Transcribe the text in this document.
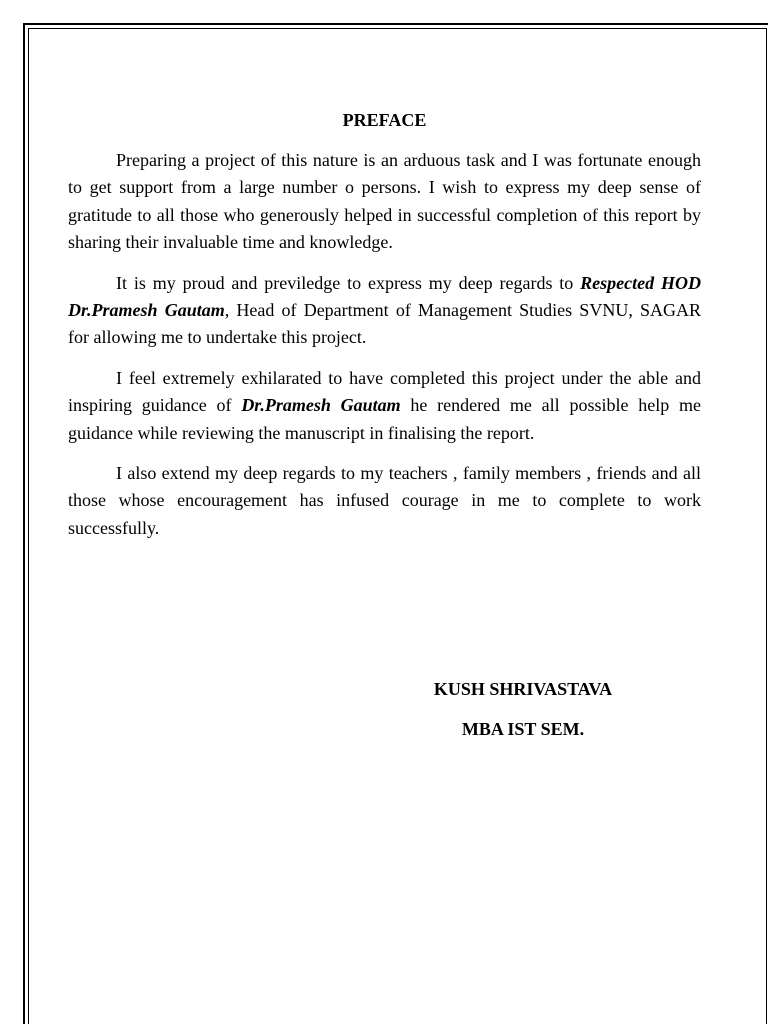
PREFACE

Preparing a project of this nature is an arduous task and I was fortunate enough to get support from a large number o persons. I wish to express my deep sense of gratitude to all those who generously helped in successful completion of this report by sharing their invaluable time and knowledge.

It is my proud and previledge to express my deep regards to Respected HOD Dr.Pramesh Gautam, Head of Department of Management Studies SVNU, SAGAR for allowing me to undertake this project.

I feel extremely exhilarated to have completed this project under the able and inspiring guidance of Dr.Pramesh Gautam he rendered me all possible help me guidance while reviewing the manuscript in finalising the report.

I also extend my deep regards to my teachers , family members , friends and all those whose encouragement has infused courage in me to complete to work successfully.

KUSH SHRIVASTAVA
MBA IST SEM.
